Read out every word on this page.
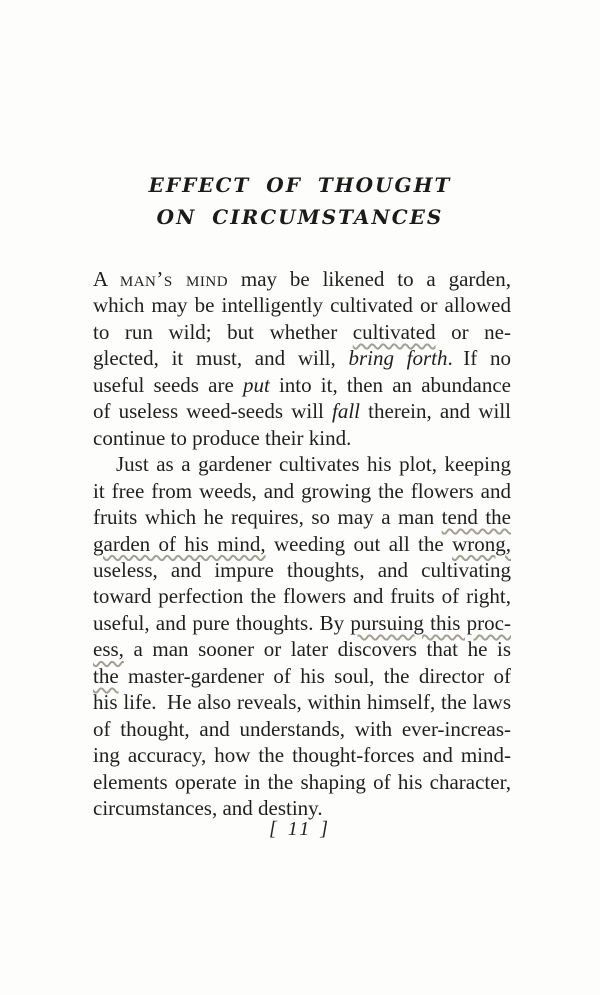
EFFECT OF THOUGHT
ON CIRCUMSTANCES
A man’s mind may be likened to a garden,
which may be intelligently cultivated or allowed
to run wild; but whether cultivated or ne-
glected, it must, and will, bring forth. If no
useful seeds are put into it, then an abundance
of useless weed-seeds will fall therein, and will
continue to produce their kind.
Just as a gardener cultivates his plot, keeping
it free from weeds, and growing the flowers and
fruits which he requires, so may a man tend the
garden of his mind, weeding out all the wrong,
useless, and impure thoughts, and cultivating
toward perfection the flowers and fruits of right,
useful, and pure thoughts. By pursuing this proc-
ess, a man sooner or later discovers that he is
the master-gardener of his soul, the director of
his life. He also reveals, within himself, the laws
of thought, and understands, with ever-increas-
ing accuracy, how the thought-forces and mind-
elements operate in the shaping of his character,
circumstances, and destiny.
[ 11 ]
